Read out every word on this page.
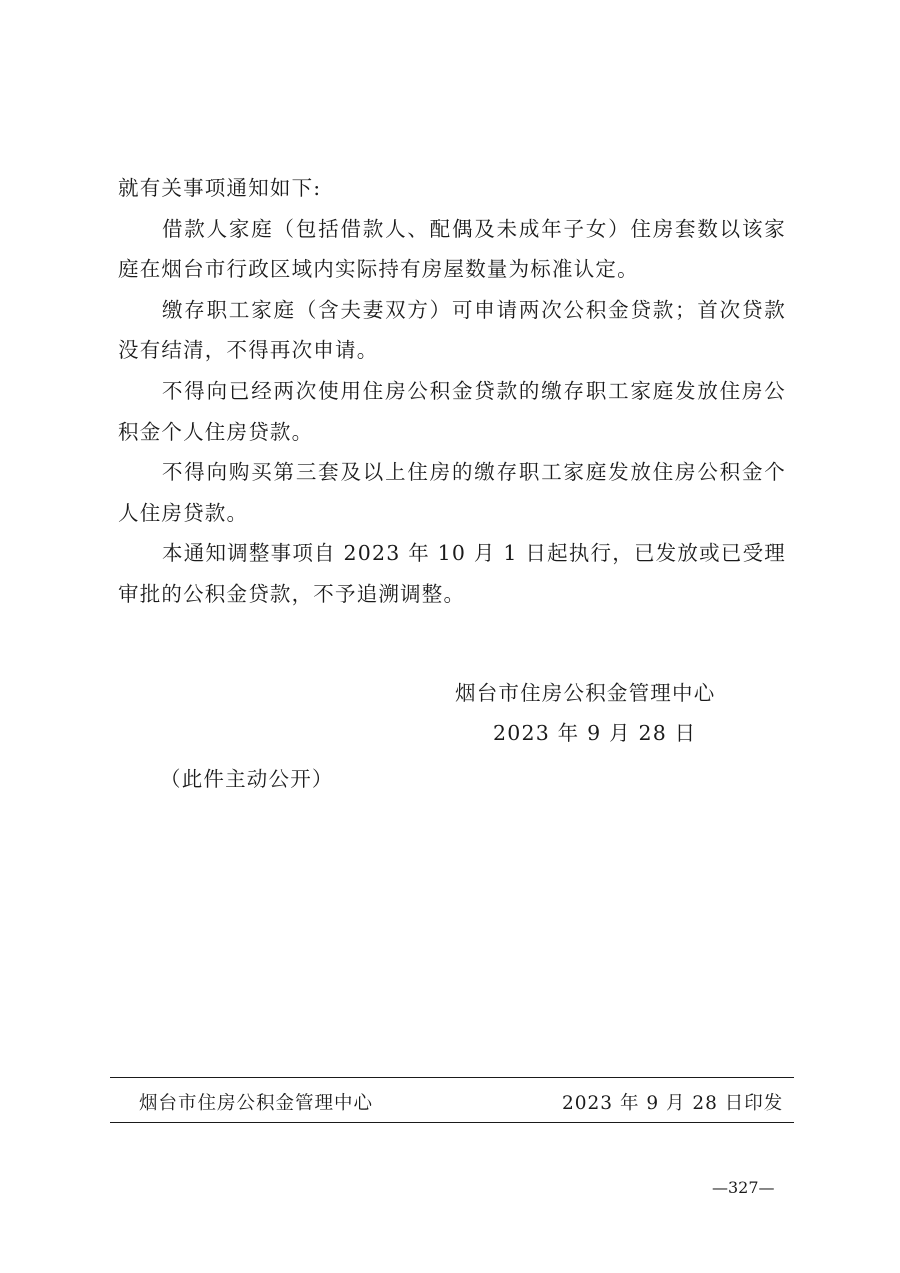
就有关事项通知如下:

借款人家庭（包括借款人、配偶及未成年子女）住房套数以该家庭在烟台市行政区域内实际持有房屋数量为标准认定。

缴存职工家庭（含夫妻双方）可申请两次公积金贷款；首次贷款没有结清，不得再次申请。

不得向已经两次使用住房公积金贷款的缴存职工家庭发放住房公积金个人住房贷款。

不得向购买第三套及以上住房的缴存职工家庭发放住房公积金个人住房贷款。

本通知调整事项自 2023 年 10 月 1 日起执行，已发放或已受理审批的公积金贷款，不予追溯调整。

烟台市住房公积金管理中心
2023 年 9 月 28 日
（此件主动公开）
烟台市住房公积金管理中心	2023 年 9 月 28 日印发
—327—
